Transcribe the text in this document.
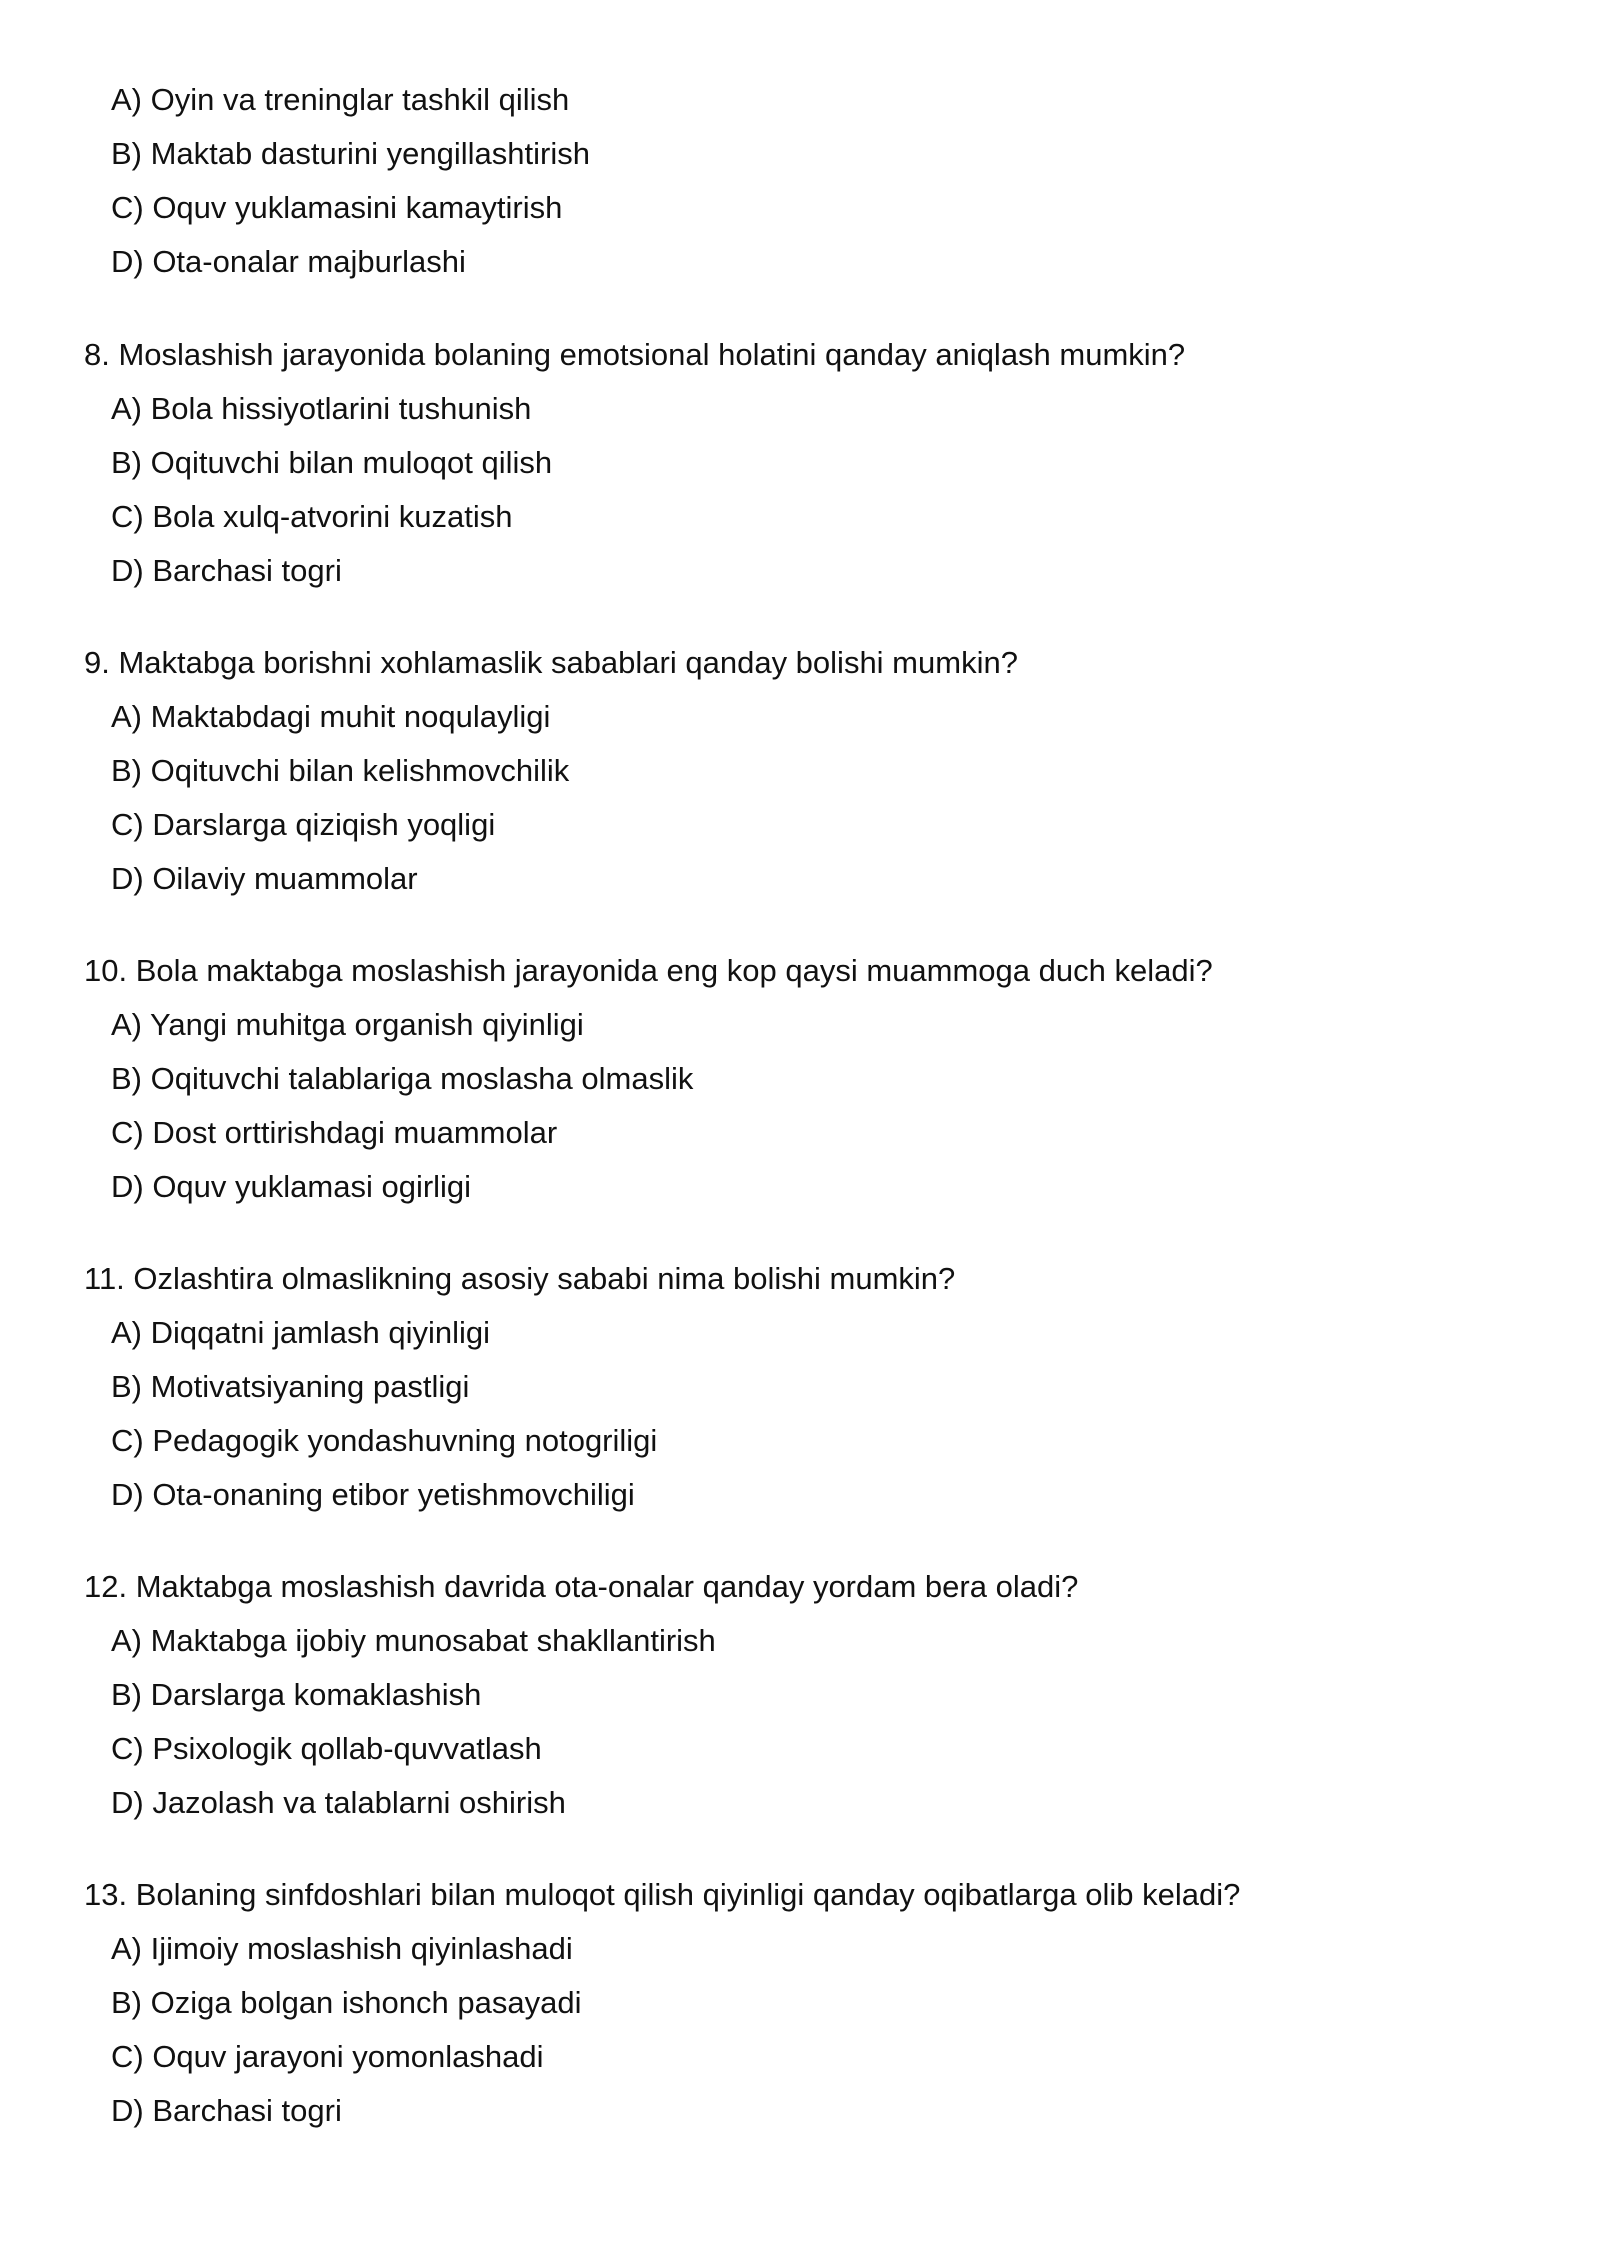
A) Oyin va treninglar tashkil qilish
B) Maktab dasturini yengillashtirish
C) Oquv yuklamasini kamaytirish
D) Ota-onalar majburlashi
8. Moslashish jarayonida bolaning emotsional holatini qanday aniqlash mumkin?
A) Bola hissiyotlarini tushunish
B) Oqituvchi bilan muloqot qilish
C) Bola xulq-atvorini kuzatish
D) Barchasi togri
9. Maktabga borishni xohlamaslik sabablari qanday bolishi mumkin?
A) Maktabdagi muhit noqulayligi
B) Oqituvchi bilan kelishmovchilik
C) Darslarga qiziqish yoqligi
D) Oilaviy muammolar
10. Bola maktabga moslashish jarayonida eng kop qaysi muammoga duch keladi?
A) Yangi muhitga organish qiyinligi
B) Oqituvchi talablariga moslasha olmaslik
C) Dost orttirishdagi muammolar
D) Oquv yuklamasi ogirligi
11. Ozlashtira olmaslikning asosiy sababi nima bolishi mumkin?
A) Diqqatni jamlash qiyinligi
B) Motivatsiyaning pastligi
C) Pedagogik yondashuvning notogriligi
D) Ota-onaning etibor yetishmovchiligi
12. Maktabga moslashish davrida ota-onalar qanday yordam bera oladi?
A) Maktabga ijobiy munosabat shakllantirish
B) Darslarga komaklashish
C) Psixologik qollab-quvvatlash
D) Jazolash va talablarni oshirish
13. Bolaning sinfdoshlari bilan muloqot qilish qiyinligi qanday oqibatlarga olib keladi?
A) Ijimoiy moslashish qiyinlashadi
B) Oziga bolgan ishonch pasayadi
C) Oquv jarayoni yomonlashadi
D) Barchasi togri
